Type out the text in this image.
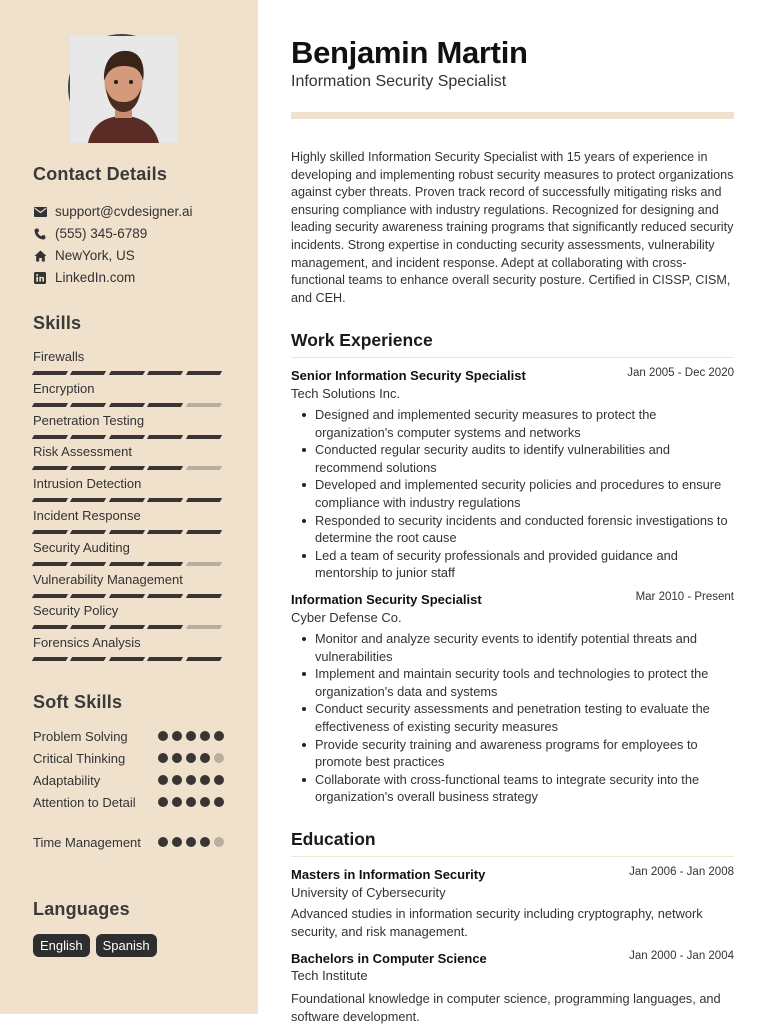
Contact Details
support@cvdesigner.ai
(555) 345-6789
NewYork, US
LinkedIn.com
Skills
Firewalls
Encryption
Penetration Testing
Risk Assessment
Intrusion Detection
Incident Response
Security Auditing
Vulnerability Management
Security Policy
Forensics Analysis
Soft Skills
Problem Solving
Critical Thinking
Adaptability
Attention to Detail
Time Management
Languages
English	Spanish
Benjamin Martin
Information Security Specialist
Highly skilled Information Security Specialist with 15 years of experience in developing and implementing robust security measures to protect organizations against cyber threats. Proven track record of successfully mitigating risks and ensuring compliance with industry regulations. Recognized for designing and leading security awareness training programs that significantly reduced security incidents. Strong expertise in conducting security assessments, vulnerability management, and incident response. Adept at collaborating with cross-functional teams to enhance overall security posture. Certified in CISSP, CISM, and CEH.
Work Experience
Senior Information Security Specialist	Jan 2005 - Dec 2020
Tech Solutions Inc.
Designed and implemented security measures to protect the organization's computer systems and networks
Conducted regular security audits to identify vulnerabilities and recommend solutions
Developed and implemented security policies and procedures to ensure compliance with industry regulations
Responded to security incidents and conducted forensic investigations to determine the root cause
Led a team of security professionals and provided guidance and mentorship to junior staff
Information Security Specialist	Mar 2010 - Present
Cyber Defense Co.
Monitor and analyze security events to identify potential threats and vulnerabilities
Implement and maintain security tools and technologies to protect the organization's data and systems
Conduct security assessments and penetration testing to evaluate the effectiveness of existing security measures
Provide security training and awareness programs for employees to promote best practices
Collaborate with cross-functional teams to integrate security into the organization's overall business strategy
Education
Masters in Information Security	Jan 2006 - Jan 2008
University of Cybersecurity
Advanced studies in information security including cryptography, network security, and risk management.
Bachelors in Computer Science	Jan 2000 - Jan 2004
Tech Institute
Foundational knowledge in computer science, programming languages, and software development.
